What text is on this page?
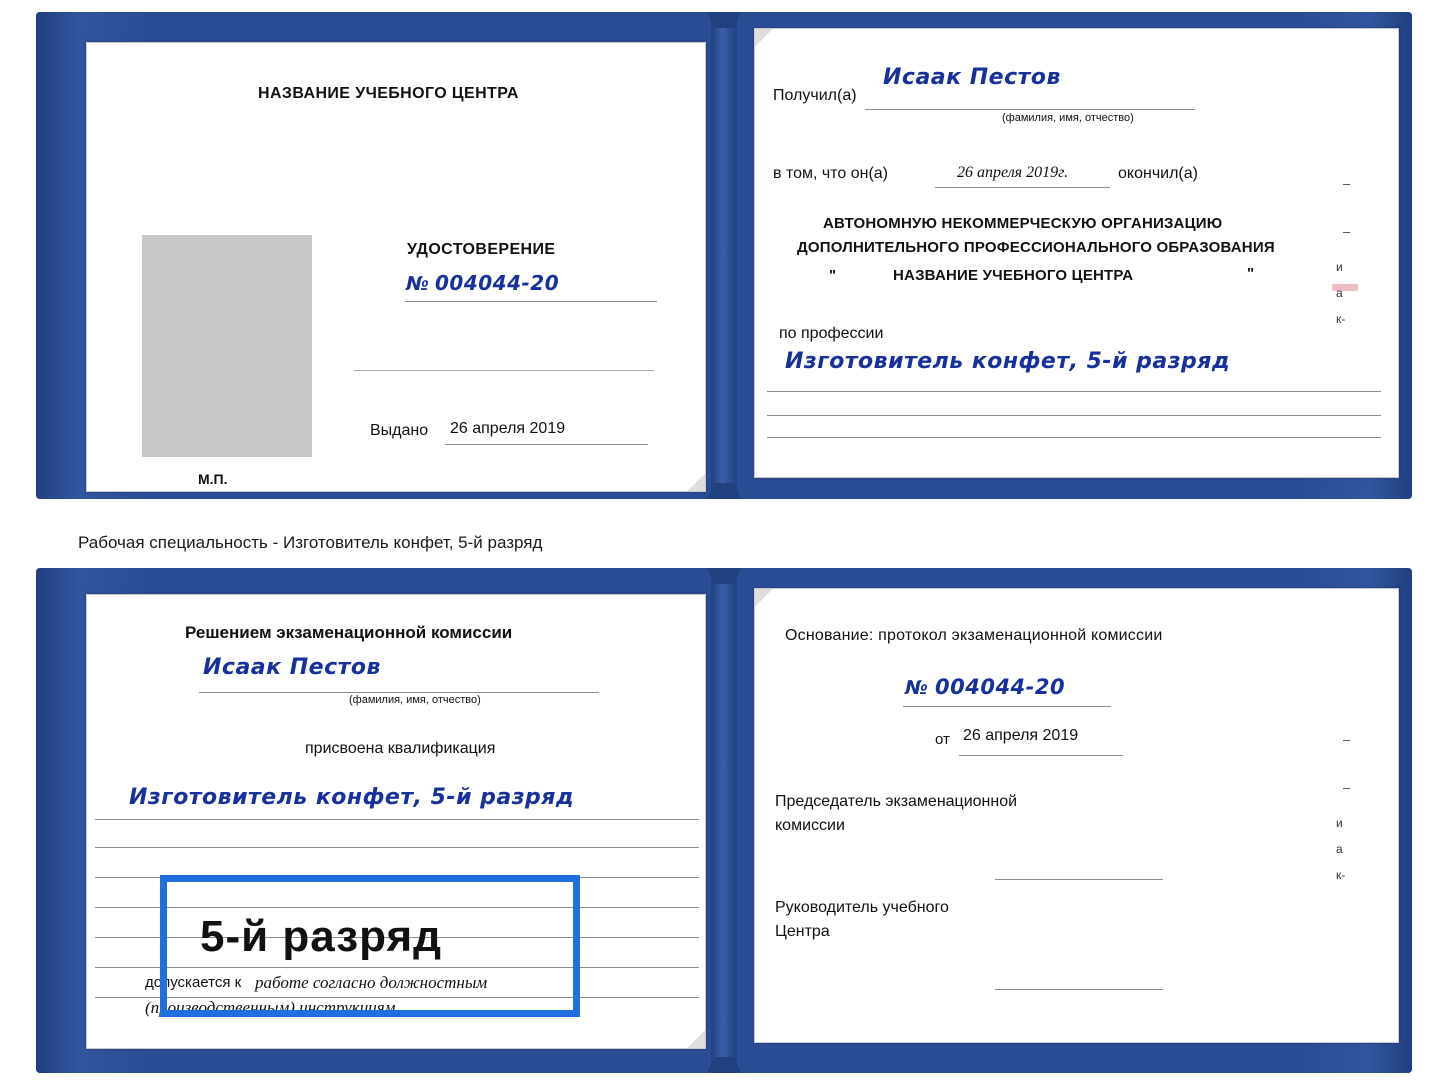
НАЗВАНИЕ УЧЕБНОГО ЦЕНТРА
УДОСТОВЕРЕНИЕ
№ 004044-20
Выдано 26 апреля 2019
М.П.
Получил(а)
Исаак Пестов
(фамилия, имя, отчество)
в том, что он(а)	26 апреля 2019г.	окончил(а)
АВТОНОМНУЮ НЕКОММЕРЧЕСКУЮ ОРГАНИЗАЦИЮ
ДОПОЛНИТЕЛЬНОГО ПРОФЕССИОНАЛЬНОГО ОБРАЗОВАНИЯ
"	НАЗВАНИЕ УЧЕБНОГО ЦЕНТРА	"
по профессии
Изготовитель конфет, 5-й разряд
–
–
и
а
к-
Рабочая специальность - Изготовитель конфет, 5-й разряд
Решением экзаменационной комиссии
Исаак Пестов
(фамилия, имя, отчество)
присвоена квалификация
Изготовитель конфет, 5-й разряд
допускается к работе согласно должностным
(производственным) инструкциям
Основание: протокол экзаменационной комиссии
№ 004044-20
от 26 апреля 2019
Председатель экзаменационной
комиссии
Руководитель учебного
Центра
–
–
и
а
к-
5-й разряд
